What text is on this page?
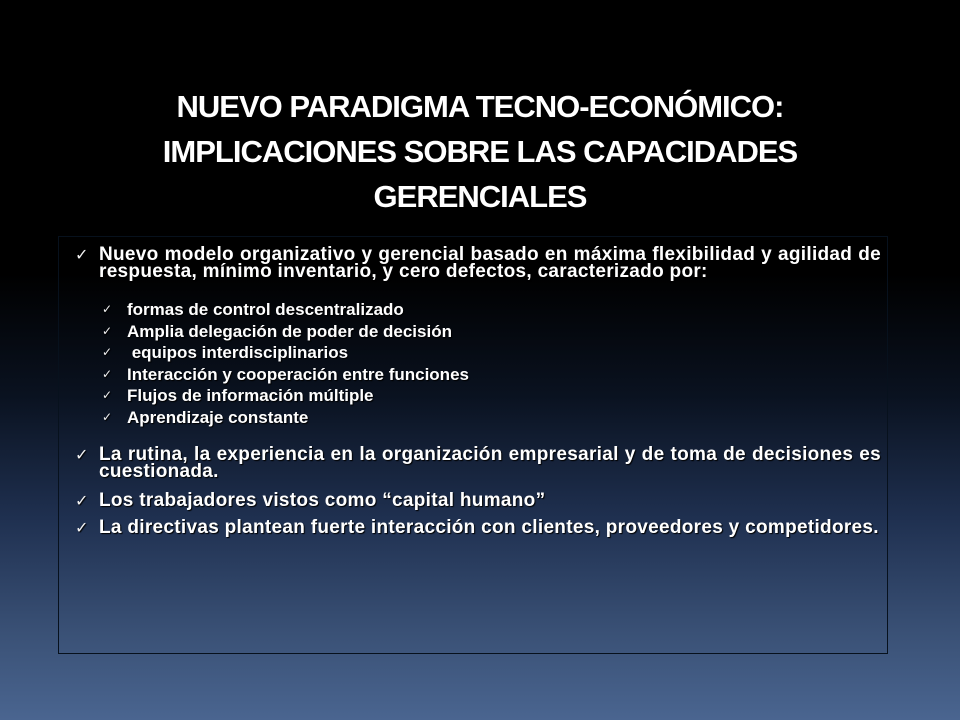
NUEVO PARADIGMA TECNO-ECONÓMICO:
IMPLICACIONES SOBRE LAS CAPACIDADES
GERENCIALES
✓ Nuevo modelo organizativo y gerencial basado en máxima flexibilidad y agilidad de respuesta, mínimo inventario, y cero defectos, caracterizado por:
✓ formas de control descentralizado
✓ Amplia delegación de poder de decisión
✓ equipos interdisciplinarios
✓ Interacción y cooperación entre funciones
✓ Flujos de información múltiple
✓ Aprendizaje constante
✓ La rutina, la experiencia en la organización empresarial y de toma de decisiones es cuestionada.
✓ Los trabajadores vistos como “capital humano”
✓ La directivas plantean fuerte interacción con clientes, proveedores y competidores.
